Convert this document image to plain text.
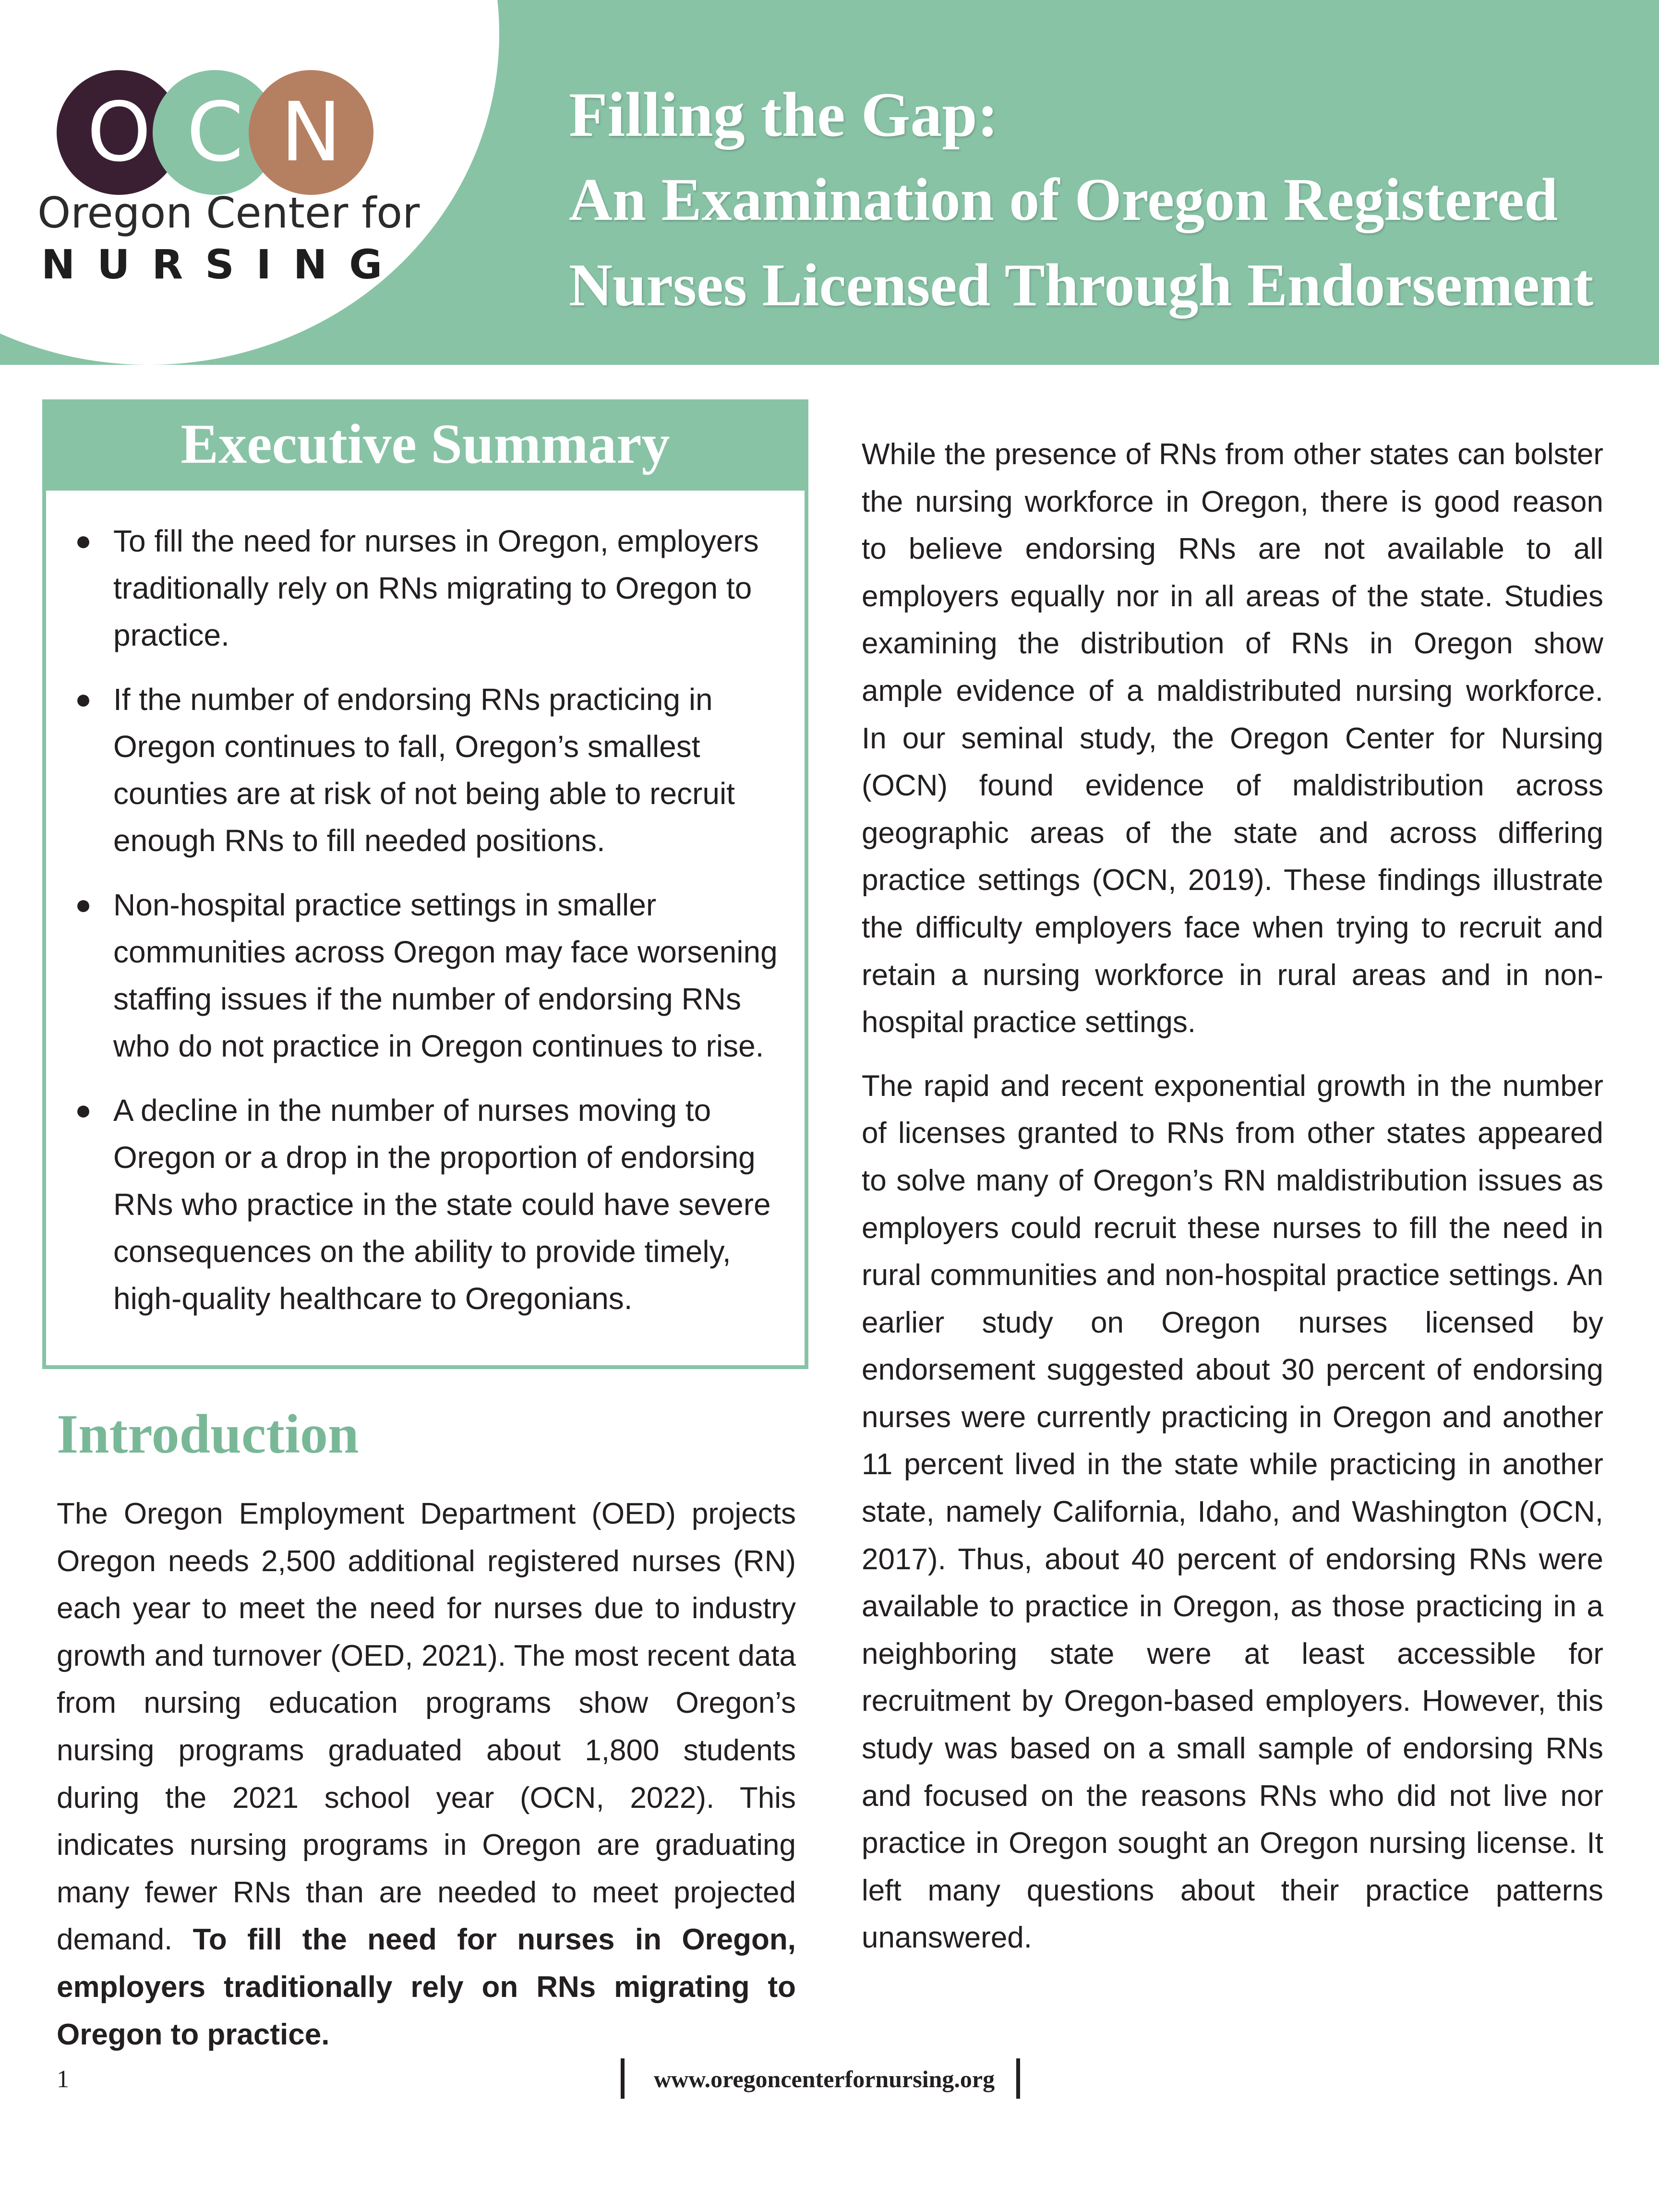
O C N
Oregon Center for
NURSING
Filling the Gap:
An Examination of Oregon Registered
Nurses Licensed Through Endorsement
Executive Summary
● To fill the need for nurses in Oregon, employers traditionally rely on RNs migrating to Oregon to practice.
● If the number of endorsing RNs practicing in Oregon continues to fall, Oregon’s smallest counties are at risk of not being able to recruit enough RNs to fill needed positions.
● Non-hospital practice settings in smaller communities across Oregon may face worsening staffing issues if the number of endorsing RNs who do not practice in Oregon continues to rise.
● A decline in the number of nurses moving to Oregon or a drop in the proportion of endorsing RNs who practice in the state could have severe consequences on the ability to provide timely, high-quality healthcare to Oregonians.
Introduction
The Oregon Employment Department (OED) projects Oregon needs 2,500 additional registered nurses (RN) each year to meet the need for nurses due to industry growth and turnover (OED, 2021). The most recent data from nursing education programs show Oregon’s nursing programs graduated about 1,800 students during the 2021 school year (OCN, 2022). This indicates nursing programs in Oregon are graduating many fewer RNs than are needed to meet projected demand. To fill the need for nurses in Oregon, employers traditionally rely on RNs migrating to Oregon to practice.

While the presence of RNs from other states can bolster the nursing workforce in Oregon, there is good reason to believe endorsing RNs are not available to all employers equally nor in all areas of the state. Studies examining the distribution of RNs in Oregon show ample evidence of a maldistributed nursing workforce. In our seminal study, the Oregon Center for Nursing (OCN) found evidence of maldistribution across geographic areas of the state and across differing practice settings (OCN, 2019). These findings illustrate the difficulty employers face when trying to recruit and retain a nursing workforce in rural areas and in non-hospital practice settings.

The rapid and recent exponential growth in the number of licenses granted to RNs from other states appeared to solve many of Oregon’s RN maldistribution issues as employers could recruit these nurses to fill the need in rural communities and non-hospital practice settings. An earlier study on Oregon nurses licensed by endorsement suggested about 30 percent of endorsing nurses were currently practicing in Oregon and another 11 percent lived in the state while practicing in another state, namely California, Idaho, and Washington (OCN, 2017). Thus, about 40 percent of endorsing RNs were available to practice in Oregon, as those practicing in a neighboring state were at least accessible for recruitment by Oregon-based employers. However, this study was based on a small sample of endorsing RNs and focused on the reasons RNs who did not live nor practice in Oregon sought an Oregon nursing license. It left many questions about their practice patterns unanswered.

1	www.oregoncenterfornursing.org
